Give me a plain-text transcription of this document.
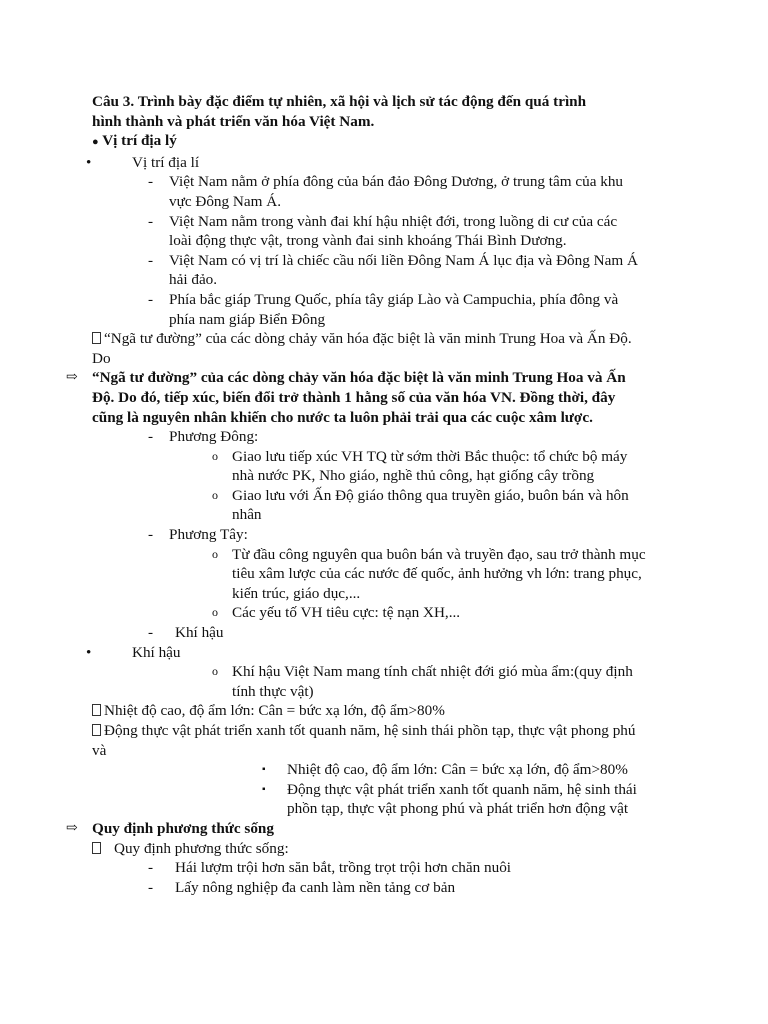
Câu 3. Trình bày đặc điểm tự nhiên, xã hội và lịch sử tác động đến quá trình
hình thành và phát triển văn hóa Việt Nam.
● Vị trí địa lý
•	Vị trí địa lí
- Việt Nam nằm ở phía đông của bán đảo Đông Dương, ở trung tâm của khu
vực Đông Nam Á.
- Việt Nam nằm trong vành đai khí hậu nhiệt đới, trong luồng di cư của các
loài động thực vật, trong vành đai sinh khoáng Thái Bình Dương.
- Việt Nam có vị trí là chiếc cầu nối liền Đông Nam Á lục địa và Đông Nam Á
hải đảo.
- Phía bắc giáp Trung Quốc, phía tây giáp Lào và Campuchia, phía đông và
phía nam giáp Biển Đông
“Ngã tư đường” của các dòng chảy văn hóa đặc biệt là văn minh Trung Hoa và Ấn Độ.
Do
⇨ “Ngã tư đường” của các dòng chảy văn hóa đặc biệt là văn minh Trung Hoa và Ấn
Độ. Do đó, tiếp xúc, biến đổi trở thành 1 hằng số của văn hóa VN. Đồng thời, đây
cũng là nguyên nhân khiến cho nước ta luôn phải trải qua các cuộc xâm lược.
- Phương Đông:
o Giao lưu tiếp xúc VH TQ từ sớm thời Bắc thuộc: tổ chức bộ máy
nhà nước PK, Nho giáo, nghề thủ công, hạt giống cây trồng
o Giao lưu với Ấn Độ giáo thông qua truyền giáo, buôn bán và hôn
nhân
- Phương Tây:
o Từ đầu công nguyên qua buôn bán và truyền đạo, sau trở thành mục
tiêu xâm lược của các nước đế quốc, ảnh hưởng vh lớn: trang phục,
kiến trúc, giáo dục,...
o Các yếu tố VH tiêu cực: tệ nạn XH,...
- Khí hậu
•	Khí hậu
o Khí hậu Việt Nam mang tính chất nhiệt đới gió mùa ẩm:(quy định
tính thực vật)
Nhiệt độ cao, độ ẩm lớn: Cân = bức xạ lớn, độ ẩm>80%
Động thực vật phát triển xanh tốt quanh năm, hệ sinh thái phồn tạp, thực vật phong phú
và
▪ Nhiệt độ cao, độ ẩm lớn: Cân = bức xạ lớn, độ ẩm>80%
▪ Động thực vật phát triển xanh tốt quanh năm, hệ sinh thái
phồn tạp, thực vật phong phú và phát triển hơn động vật
⇨ Quy định phương thức sống
Quy định phương thức sống:
- Hái lượm trội hơn săn bắt, trồng trọt trội hơn chăn nuôi
- Lấy nông nghiệp đa canh làm nền tảng cơ bản
